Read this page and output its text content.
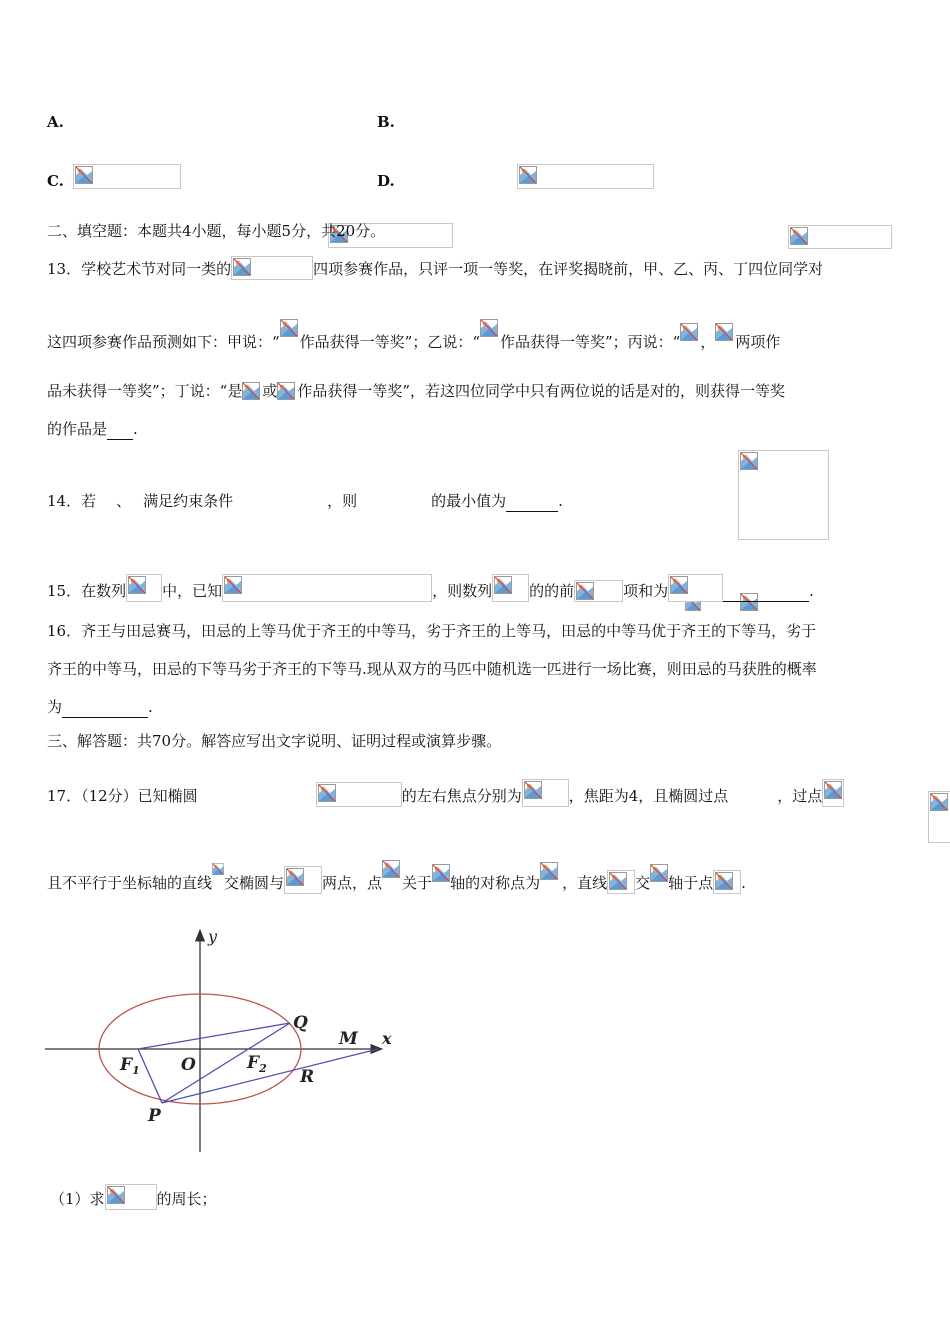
A.
	B.

C.
	D.

二、填空题：本题共4小题，每小题5分，共20分。
13．学校艺术节对同一类的	四项参赛作品，只评一项一等奖，在评奖揭晓前，甲、乙、丙、丁四位同学对
这四项参赛作品预测如下：甲说：“ 作品获得一等奖”；乙说：“ 作品获得一等奖”；丙说：“ ， 两项作
品未获得一等奖”；丁说：“是 或 作品获得一等奖”，若这四位同学中只有两位说的话是对的，则获得一等奖
的作品是 .

14．若 、 满足约束条件	，则	的最小值为	.

15．在数列 中，已知	，则数列 的的前	项和为	.
16．齐王与田忌赛马，田忌的上等马优于齐王的中等马，劣于齐王的上等马，田忌的中等马优于齐王的下等马，劣于
齐王的中等马，田忌的下等马劣于齐王的下等马.现从双方的马匹中随机选一匹进行一场比赛，则田忌的马获胜的概率
为	.
三、解答题：共70分。解答应写出文字说明、证明过程或演算步骤。

17．（12分）已知椭圆	的左右焦点分别为	，焦距为4，且椭圆过点	，过点
且不平行于坐标轴的直线 交椭圆与	两点，点 关于 轴的对称点为 ，直线 交 轴于点 .
y
x
Q
M
$F_1$ O	$F_2$ R
P
（1）求	的周长；
